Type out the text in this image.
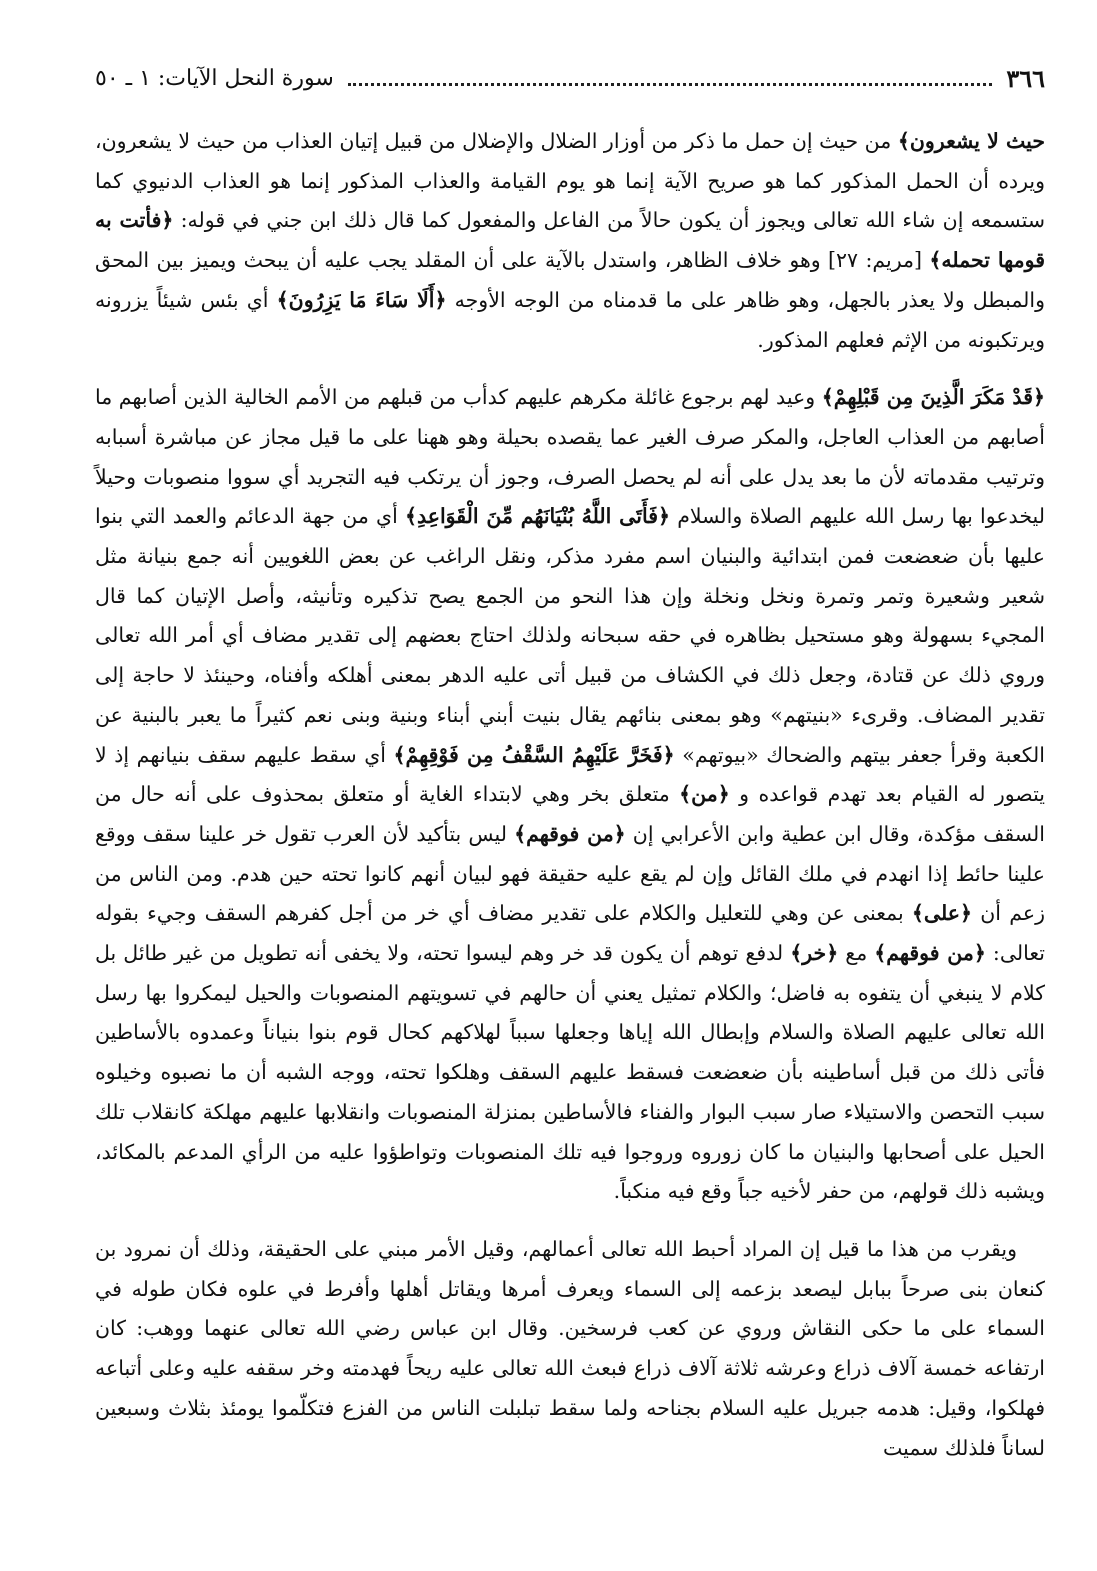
٣٦٦
سورة النحل الآيات: ١ ـ ٥٠

حيث لا يشعرون﴾ من حيث إن حمل ما ذكر من أوزار الضلال والإضلال من قبيل إتيان العذاب من حيث لا يشعرون، ويرده أن الحمل المذكور كما هو صريح الآية إنما هو يوم القيامة والعذاب المذكور إنما هو العذاب الدنيوي كما ستسمعه إن شاء الله تعالى ويجوز أن يكون حالاً من الفاعل والمفعول كما قال ذلك ابن جني في قوله: ﴿فأتت به قومها تحمله﴾ [مريم: ٢٧] وهو خلاف الظاهر، واستدل بالآية على أن المقلد يجب عليه أن يبحث ويميز بين المحق والمبطل ولا يعذر بالجهل، وهو ظاهر على ما قدمناه من الوجه الأوجه ﴿أَلَا سَاءَ مَا يَزِرُونَ﴾ أي بئس شيئاً يزرونه ويرتكبونه من الإثم فعلهم المذكور.

﴿قَدْ مَكَرَ الَّذِينَ مِن قَبْلِهِمْ﴾ وعيد لهم برجوع غائلة مكرهم عليهم كدأب من قبلهم من الأمم الخالية الذين أصابهم ما أصابهم من العذاب العاجل، والمكر صرف الغير عما يقصده بحيلة وهو ههنا على ما قيل مجاز عن مباشرة أسبابه وترتيب مقدماته لأن ما بعد يدل على أنه لم يحصل الصرف، وجوز أن يرتكب فيه التجريد أي سووا منصوبات وحيلاً ليخدعوا بها رسل الله عليهم الصلاة والسلام ﴿فَأَتَى اللَّهُ بُنْيَانَهُم مِّنَ الْقَوَاعِدِ﴾ أي من جهة الدعائم والعمد التي بنوا عليها بأن ضعضعت فمن ابتدائية والبنيان اسم مفرد مذكر، ونقل الراغب عن بعض اللغويين أنه جمع بنيانة مثل شعير وشعيرة وتمر وتمرة ونخل ونخلة وإن هذا النحو من الجمع يصح تذكيره وتأنيثه، وأصل الإتيان كما قال المجيء بسهولة وهو مستحيل بظاهره في حقه سبحانه ولذلك احتاج بعضهم إلى تقدير مضاف أي أمر الله تعالى وروي ذلك عن قتادة، وجعل ذلك في الكشاف من قبيل أتى عليه الدهر بمعنى أهلكه وأفناه، وحينئذ لا حاجة إلى تقدير المضاف. وقرىء «بنيتهم» وهو بمعنى بنائهم يقال بنيت أبني أبناء وبنية وبنى نعم كثيراً ما يعبر بالبنية عن الكعبة وقرأ جعفر بيتهم والضحاك «بيوتهم» ﴿فَخَرَّ عَلَيْهِمُ السَّقْفُ مِن فَوْقِهِمْ﴾ أي سقط عليهم سقف بنيانهم إذ لا يتصور له القيام بعد تهدم قواعده و ﴿من﴾ متعلق بخر وهي لابتداء الغاية أو متعلق بمحذوف على أنه حال من السقف مؤكدة، وقال ابن عطية وابن الأعرابي إن ﴿من فوقهم﴾ ليس بتأكيد لأن العرب تقول خر علينا سقف ووقع علينا حائط إذا انهدم في ملك القائل وإن لم يقع عليه حقيقة فهو لبيان أنهم كانوا تحته حين هدم. ومن الناس من زعم أن ﴿على﴾ بمعنى عن وهي للتعليل والكلام على تقدير مضاف أي خر من أجل كفرهم السقف وجيء بقوله تعالى: ﴿من فوقهم﴾ مع ﴿خر﴾ لدفع توهم أن يكون قد خر وهم ليسوا تحته، ولا يخفى أنه تطويل من غير طائل بل كلام لا ينبغي أن يتفوه به فاضل؛ والكلام تمثيل يعني أن حالهم في تسويتهم المنصوبات والحيل ليمكروا بها رسل الله تعالى عليهم الصلاة والسلام وإبطال الله إياها وجعلها سبباً لهلاكهم كحال قوم بنوا بنياناً وعمدوه بالأساطين فأتى ذلك من قبل أساطينه بأن ضعضعت فسقط عليهم السقف وهلكوا تحته، ووجه الشبه أن ما نصبوه وخيلوه سبب التحصن والاستيلاء صار سبب البوار والفناء فالأساطين بمنزلة المنصوبات وانقلابها عليهم مهلكة كانقلاب تلك الحيل على أصحابها والبنيان ما كان زوروه وروجوا فيه تلك المنصوبات وتواطؤوا عليه من الرأي المدعم بالمكائد، ويشبه ذلك قولهم، من حفر لأخيه جباً وقع فيه منكباً.

ويقرب من هذا ما قيل إن المراد أحبط الله تعالى أعمالهم، وقيل الأمر مبني على الحقيقة، وذلك أن نمرود بن كنعان بنى صرحاً ببابل ليصعد بزعمه إلى السماء ويعرف أمرها ويقاتل أهلها وأفرط في علوه فكان طوله في السماء على ما حكى النقاش وروي عن كعب فرسخين. وقال ابن عباس رضي الله تعالى عنهما ووهب: كان ارتفاعه خمسة آلاف ذراع وعرشه ثلاثة آلاف ذراع فبعث الله تعالى عليه ريحاً فهدمته وخر سقفه عليه وعلى أتباعه فهلكوا، وقيل: هدمه جبريل عليه السلام بجناحه ولما سقط تبلبلت الناس من الفزع فتكلّموا يومئذ بثلاث وسبعين لساناً فلذلك سميت
